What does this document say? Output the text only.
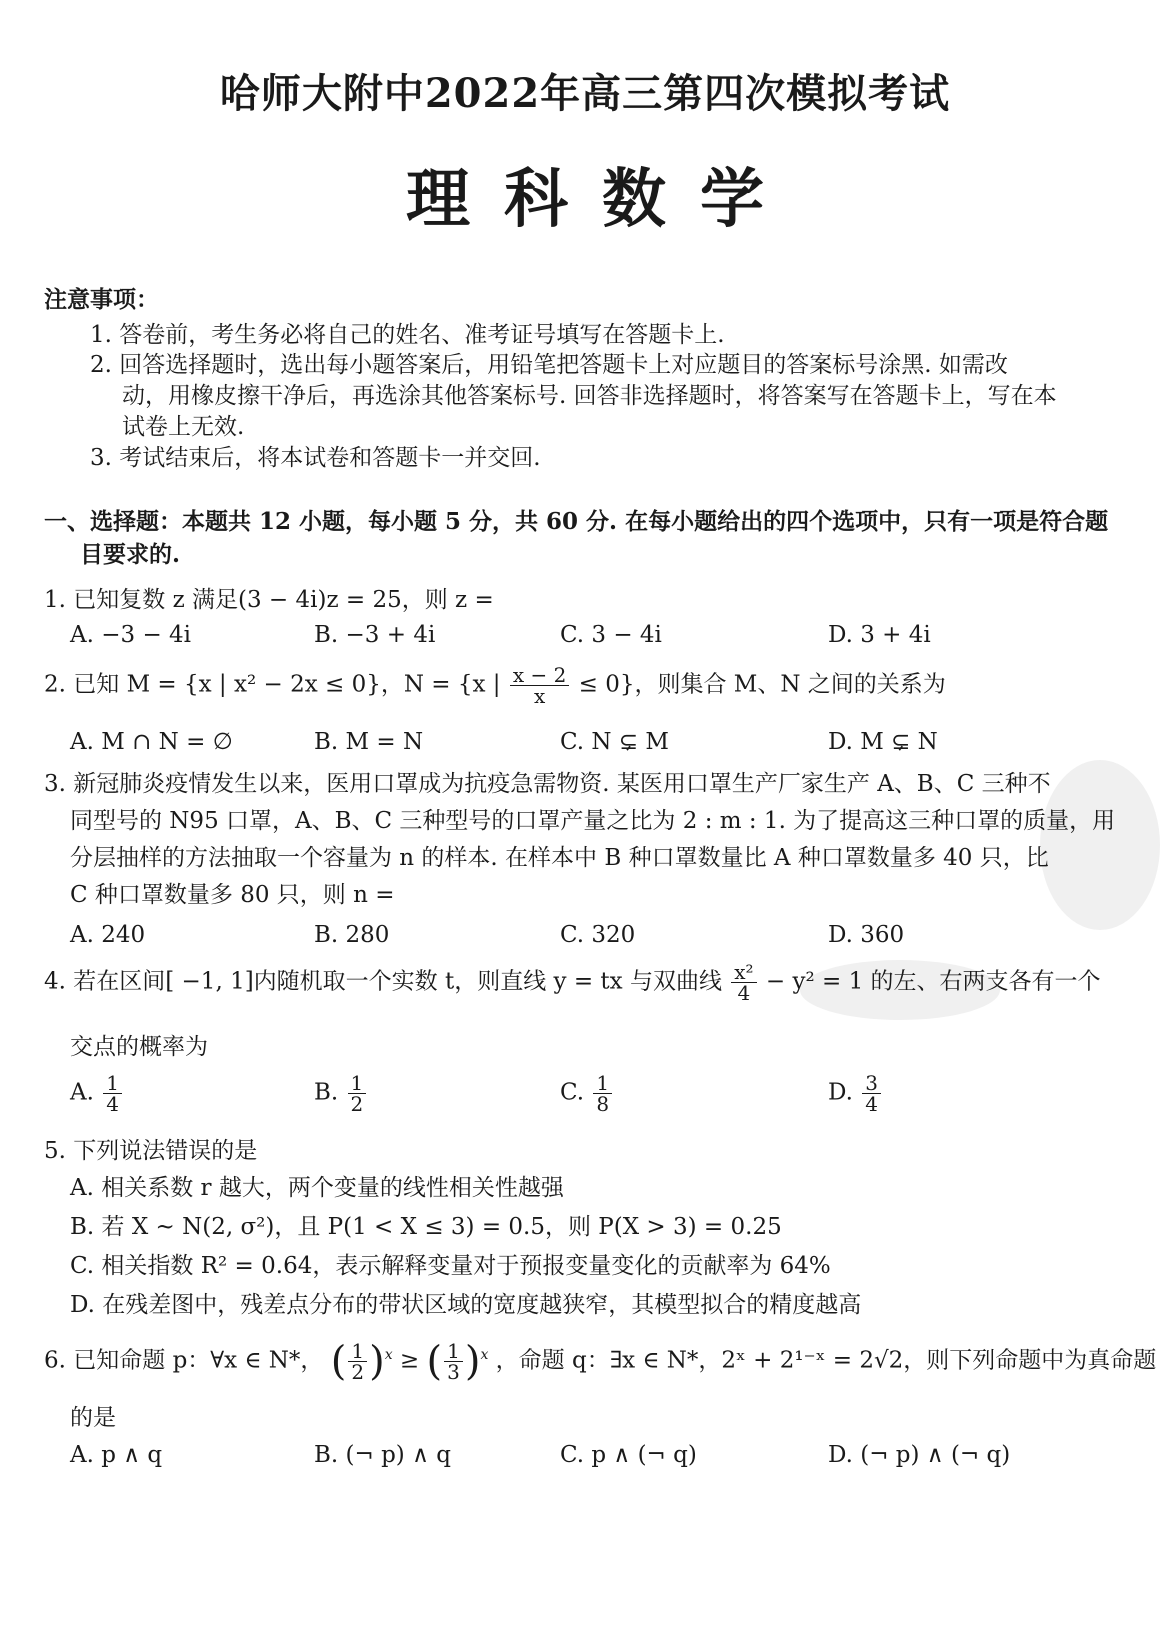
哈师大附中2022年高三第四次模拟考试
理科数学
注意事项：
1. 答卷前，考生务必将自己的姓名、准考证号填写在答题卡上.
2. 回答选择题时，选出每小题答案后，用铅笔把答题卡上对应题目的答案标号涂黑. 如需改
动，用橡皮擦干净后，再选涂其他答案标号. 回答非选择题时，将答案写在答题卡上，写在本
试卷上无效.
3. 考试结束后，将本试卷和答题卡一并交回.
一、选择题：本题共 12 小题，每小题 5 分，共 60 分. 在每小题给出的四个选项中，只有一项是符合题
目要求的.
1. 已知复数 z 满足(3 − 4i)z = 25，则 z =
A. −3 − 4i	B. −3 + 4i	C. 3 − 4i	D. 3 + 4i
2. 已知 M = {x | x² − 2x ≤ 0}，N = {x | $\frac{x - 2}{x} \le 0$}，则集合 M、N 之间的关系为
A. M ∩ N = ∅	B. M = N	C. N ⊊ M	D. M ⊊ N
3. 新冠肺炎疫情发生以来，医用口罩成为抗疫急需物资. 某医用口罩生产厂家生产 A、B、C 三种不
同型号的 N95 口罩，A、B、C 三种型号的口罩产量之比为 2 : m : 1. 为了提高这三种口罩的质量，用
分层抽样的方法抽取一个容量为 n 的样本. 在样本中 B 种口罩数量比 A 种口罩数量多 40 只，比
C 种口罩数量多 80 只，则 n =
A. 240	B. 280	C. 320	D. 360
4. 若在区间[ −1, 1]内随机取一个实数 t，则直线 y = tx 与双曲线 $\frac{\text{x²}}{4} - y^2 = 1$ 的左、右两支各有一个
交点的概率为
A. $\frac{1}{4}$	B. $\frac{1}{2}$	C. $\frac{1}{8}$	D. $\frac{3}{4}$
5. 下列说法错误的是
A. 相关系数 r 越大，两个变量的线性相关性越强
B. 若 X ~ N(2, σ²)，且 P(1 < X ≤ 3) = 0.5，则 P(X > 3) = 0.25
C. 相关指数 R² = 0.64，表示解释变量对于预报变量变化的贡献率为 64%
D. 在残差图中，残差点分布的带状区域的宽度越狭窄，其模型拟合的精度越高
6. 已知命题 p：∀x ∈ N*， ( $\frac{1}{2} )^x$ ≥ ( $\frac{1}{3} )^x$ ，命题 q：∃x ∈ N*，2ˣ + 2¹⁻ˣ = 2√2，则下列命题中为真命题
的是
A. p ∧ q	B. (¬ p) ∧ q	C. p ∧ (¬ q)	D. (¬ p) ∧ (¬ q)
